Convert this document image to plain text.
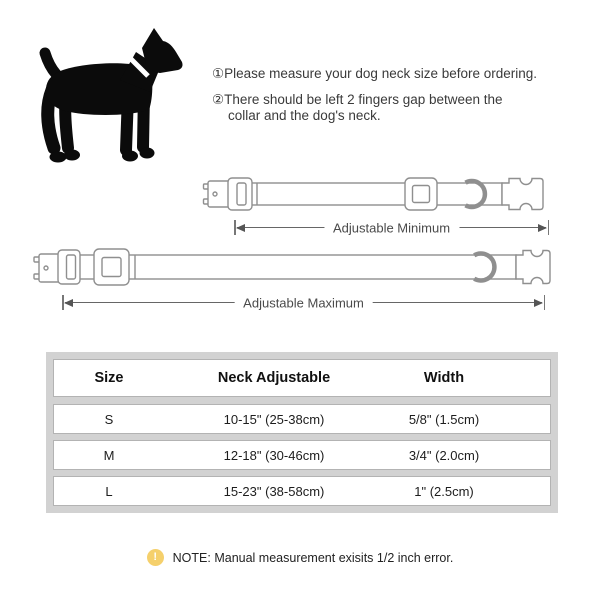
①Please measure your dog neck size before ordering.
②There should be left 2 fingers gap between the
collar and the dog's neck.
Adjustable Minimum
Adjustable Maximum
Size	Neck Adjustable	Width
S	10-15" (25-38cm)	5/8" (1.5cm)
M	12-18" (30-46cm)	3/4" (2.0cm)
L	15-23" (38-58cm)	1" (2.5cm)
! NOTE: Manual measurement exisits 1/2 inch error.
